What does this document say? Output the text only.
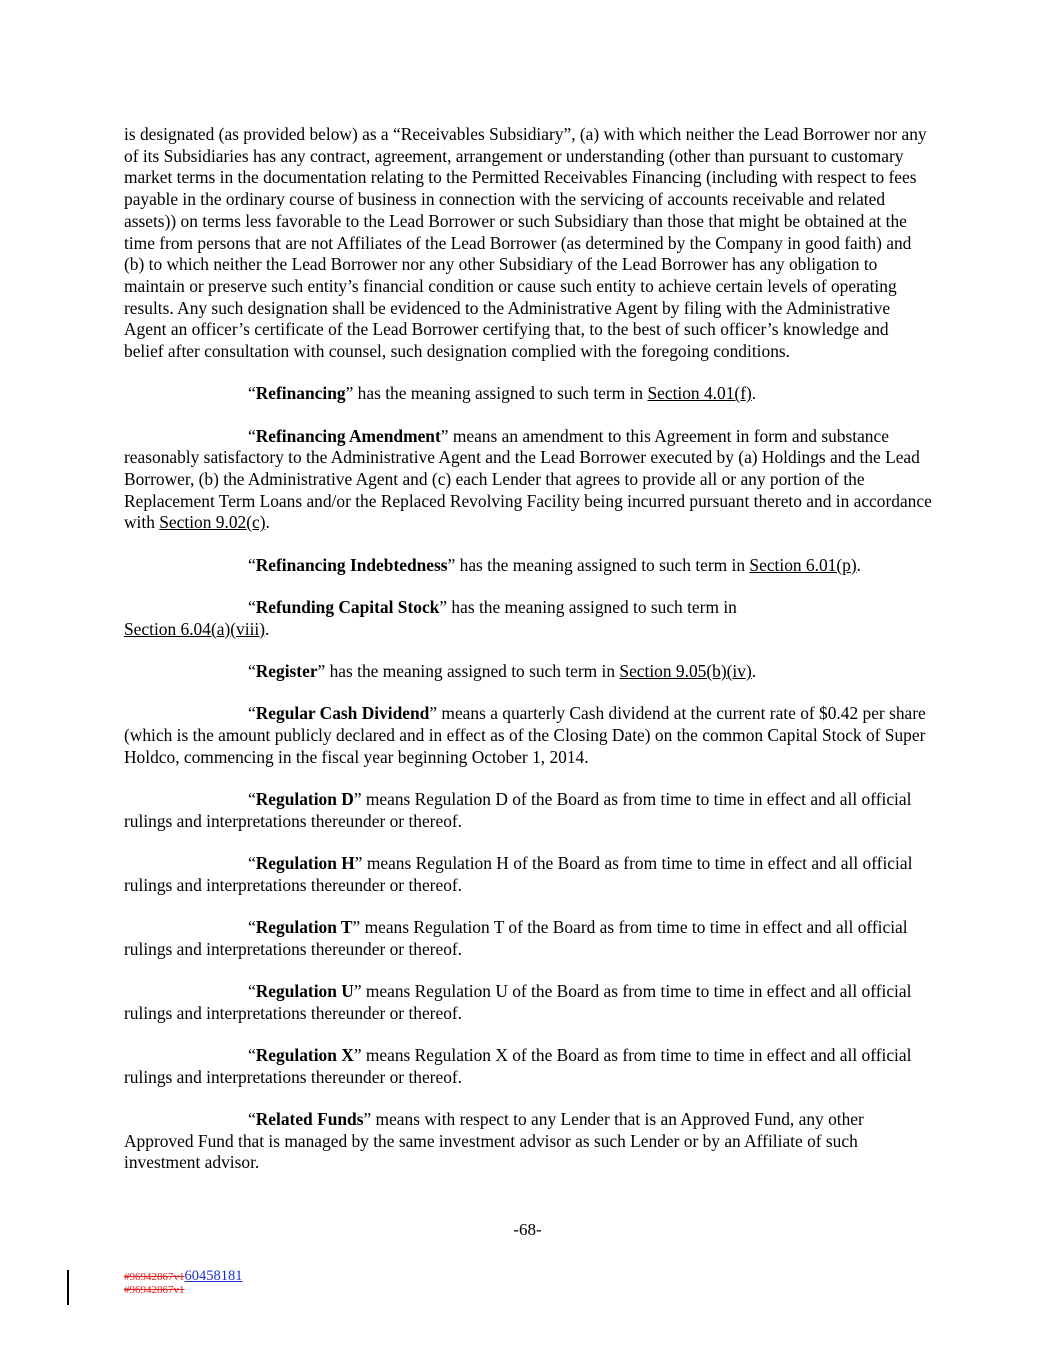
is designated (as provided below) as a “Receivables Subsidiary”, (a) with which neither the Lead Borrower nor any of its Subsidiaries has any contract, agreement, arrangement or understanding (other than pursuant to customary market terms in the documentation relating to the Permitted Receivables Financing (including with respect to fees payable in the ordinary course of business in connection with the servicing of accounts receivable and related assets)) on terms less favorable to the Lead Borrower or such Subsidiary than those that might be obtained at the time from persons that are not Affiliates of the Lead Borrower (as determined by the Company in good faith) and (b) to which neither the Lead Borrower nor any other Subsidiary of the Lead Borrower has any obligation to maintain or preserve such entity’s financial condition or cause such entity to achieve certain levels of operating results. Any such designation shall be evidenced to the Administrative Agent by filing with the Administrative Agent an officer’s certificate of the Lead Borrower certifying that, to the best of such officer’s knowledge and belief after consultation with counsel, such designation complied with the foregoing conditions.

“Refinancing” has the meaning assigned to such term in Section 4.01(f).

“Refinancing Amendment” means an amendment to this Agreement in form and substance reasonably satisfactory to the Administrative Agent and the Lead Borrower executed by (a) Holdings and the Lead Borrower, (b) the Administrative Agent and (c) each Lender that agrees to provide all or any portion of the Replacement Term Loans and/or the Replaced Revolving Facility being incurred pursuant thereto and in accordance with Section 9.02(c).

“Refinancing Indebtedness” has the meaning assigned to such term in Section 6.01(p).

“Refunding Capital Stock” has the meaning assigned to such term in
Section 6.04(a)(viii).

“Register” has the meaning assigned to such term in Section 9.05(b)(iv).

“Regular Cash Dividend” means a quarterly Cash dividend at the current rate of $0.42 per share (which is the amount publicly declared and in effect as of the Closing Date) on the common Capital Stock of Super Holdco, commencing in the fiscal year beginning October 1, 2014.

“Regulation D” means Regulation D of the Board as from time to time in effect and all official rulings and interpretations thereunder or thereof.

“Regulation H” means Regulation H of the Board as from time to time in effect and all official rulings and interpretations thereunder or thereof.

“Regulation T” means Regulation T of the Board as from time to time in effect and all official rulings and interpretations thereunder or thereof.

“Regulation U” means Regulation U of the Board as from time to time in effect and all official rulings and interpretations thereunder or thereof.

“Regulation X” means Regulation X of the Board as from time to time in effect and all official rulings and interpretations thereunder or thereof.

“Related Funds” means with respect to any Lender that is an Approved Fund, any other Approved Fund that is managed by the same investment advisor as such Lender or by an Affiliate of such investment advisor.

-68-
#96942867v160458181
#96942867v1
